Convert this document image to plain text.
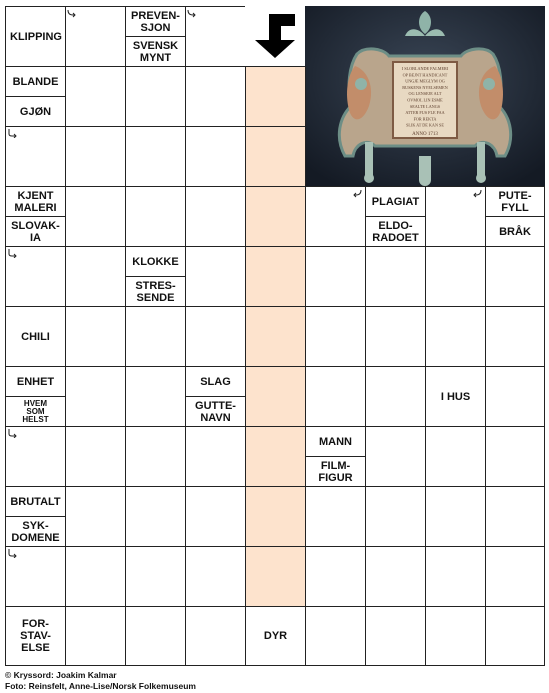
KLIPPING
PREVEN-
SJON
SVENSK
MYNT
I SLOBLANDE FALMERI
OP BEJNT HANDICANT
UNGJE MEGLYM OG
BUSKENS NYELSEMEN
OG LENSEJE ALT
OVMOL LIN ESME
SEALTE LANGS
ATTER FUS FLE FAA
FOR REKTA
SLIK AT DE KAN SE
ANNO 1713
BLANDE
GJØN
KJENT
MALERI
SLOVAK-
IA
PLAGIAT
ELDO-
RADOET
PUTE-
FYLL
BRÅK
KLOKKE
STRES-
SENDE
CHILI
ENHET
HVEM
SOM
HELST
SLAG
GUTTE-
NAVN
I HUS
MANN
FILM-
FIGUR
BRUTALT
SYK-
DOMENE
FOR-
STAV-
ELSE
DYR
© Kryssord: Joakim Kalmar
Foto: Reinsfelt, Anne-Lise/Norsk Folkemuseum
